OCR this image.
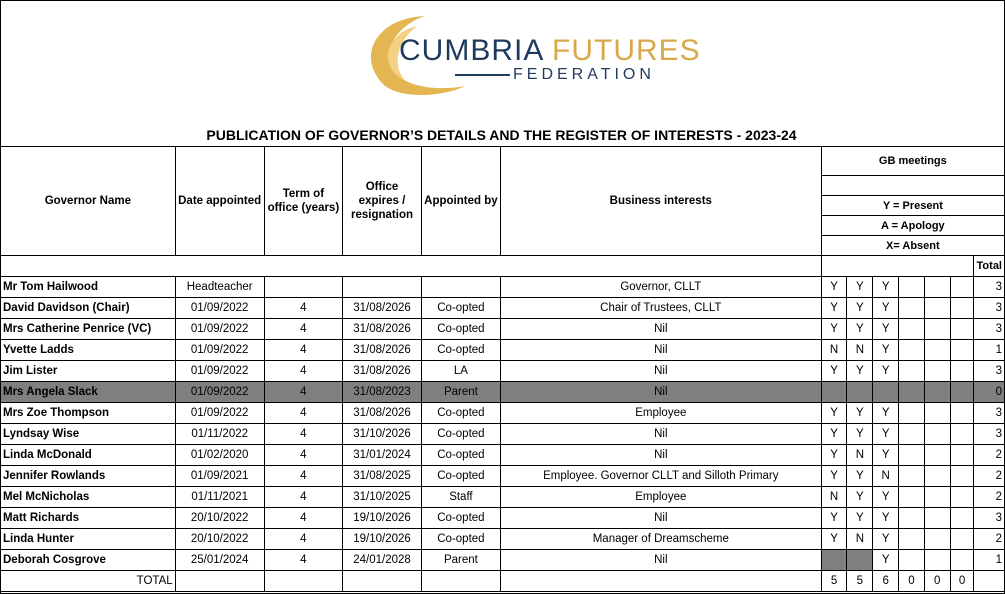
CUMBRIA FUTURES
FEDERATION
PUBLICATION OF GOVERNOR’S DETAILS AND THE REGISTER OF INTERESTS - 2023-24
Governor Name	Date appointed	Term of office (years)	Office expires / resignation	Appointed by	Business interests	GB meetings						

						Y = Present						
						A = Apology						
						X= Absent						
												Total
Mr Tom Hailwood	Headteacher				Governor, CLLT	Y	Y	Y				3
David Davidson (Chair)	01/09/2022	4	31/08/2026	Co-opted	Chair of Trustees, CLLT	Y	Y	Y				3
Mrs Catherine Penrice (VC)	01/09/2022	4	31/08/2026	Co-opted	Nil	Y	Y	Y				3
Yvette Ladds	01/09/2022	4	31/08/2026	Co-opted	Nil	N	N	Y				1
Jim Lister	01/09/2022	4	31/08/2026	LA	Nil	Y	Y	Y				3
Mrs Angela Slack	01/09/2022	4	31/08/2023	Parent	Nil							0
Mrs Zoe Thompson	01/09/2022	4	31/08/2026	Co-opted	Employee	Y	Y	Y				3
Lyndsay Wise	01/11/2022	4	31/10/2026	Co-opted	Nil	Y	Y	Y				3
Linda McDonald	01/02/2020	4	31/01/2024	Co-opted	Nil	Y	N	Y				2
Jennifer Rowlands	01/09/2021	4	31/08/2025	Co-opted	Employee. Governor CLLT and Silloth Primary	Y	Y	N				2
Mel McNicholas	01/11/2021	4	31/10/2025	Staff	Employee	N	Y	Y				2
Matt Richards	20/10/2022	4	19/10/2026	Co-opted	Nil	Y	Y	Y				3
Linda Hunter	20/10/2022	4	19/10/2026	Co-opted	Manager of Dreamscheme	Y	N	Y				2
Deborah Cosgrove	25/01/2024	4	24/01/2028	Parent	Nil			Y				1
TOTAL						5	5	6	0	0	0	
